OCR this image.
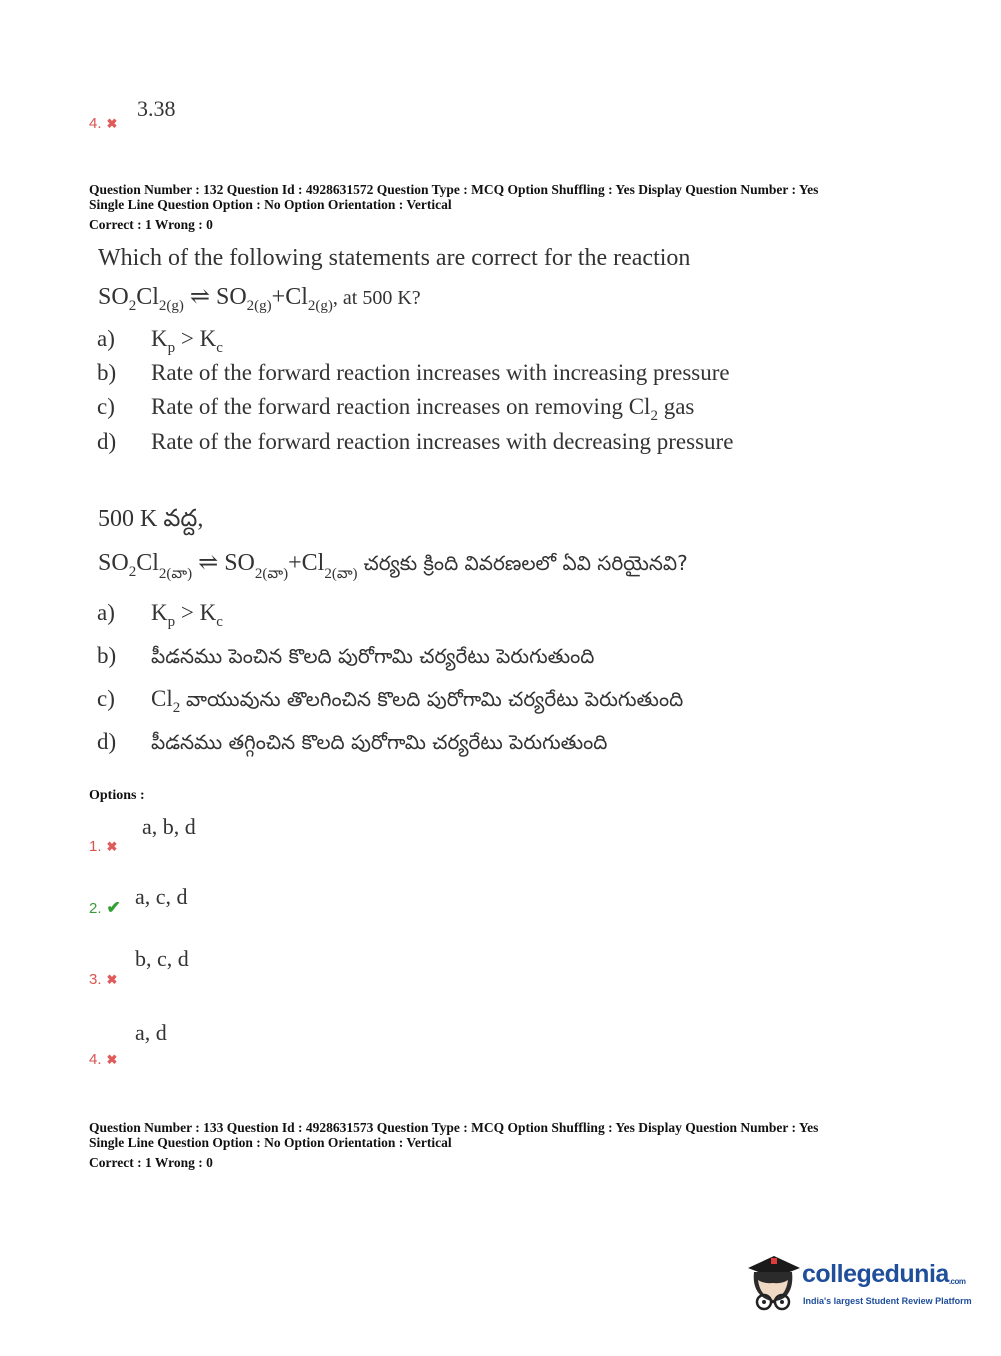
4. ✖
3.38
Question Number : 132 Question Id : 4928631572 Question Type : MCQ Option Shuffling : Yes Display Question Number : Yes
Single Line Question Option : No Option Orientation : Vertical
Correct : 1 Wrong : 0
Which of the following statements are correct for the reaction
$SO_2Cl_{2(g)}$ ⇌ $SO_{2(g)}+Cl_{2(g)}$, at 500 K?
a) $K_p > K_c$
b) Rate of the forward reaction increases with increasing pressure
c) Rate of the forward reaction increases on removing $Cl_2$ gas
d) Rate of the forward reaction increases with decreasing pressure
500 K వద్ద,
$SO_2Cl_{2(వా)}$ ⇌ $SO_{2(వా)}+Cl_{2(వా)}$ చర్యకు క్రింది వివరణలలో ఏవి సరియైనవి?
a) $K_p > K_c$
b) పీడనము పెంచిన కొలది పురోగామి చర్యరేటు పెరుగుతుంది
c) $Cl_2$ వాయువును తొలగించిన కొలది పురోగామి చర్యరేటు పెరుగుతుంది
d) పీడనము తగ్గించిన కొలది పురోగామి చర్యరేటు పెరుగుతుంది
Options :
1. ✖
a, b, d
2. ✔ a, c, d
3. ✖
b, c, d
4. ✖
a, d
Question Number : 133 Question Id : 4928631573 Question Type : MCQ Option Shuffling : Yes Display Question Number : Yes
Single Line Question Option : No Option Orientation : Vertical
Correct : 1 Wrong : 0
collegedunia.com
India's largest Student Review Platform
